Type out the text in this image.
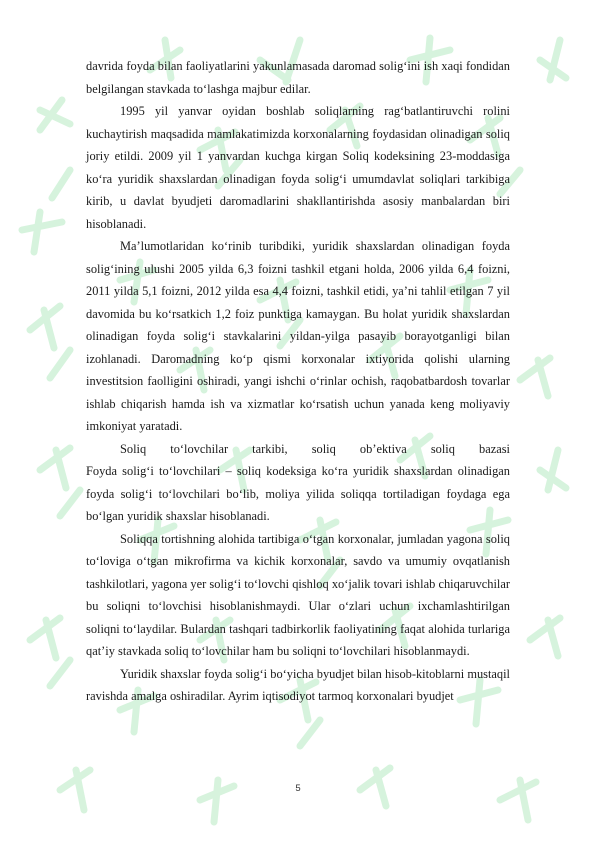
davrida foyda bilan faoliyatlarini yakunlamasada daromad solig‘ini ish xaqi fondidan belgilangan stavkada to‘lashga majbur edilar.

1995 yil yanvar oyidan boshlab soliqlarning rag‘batlantiruvchi rolini kuchaytirish maqsadida mamlakatimizda korxonalarning foydasidan olinadigan soliq joriy etildi. 2009 yil 1 yanvardan kuchga kirgan Soliq kodeksining 23-moddasiga ko‘ra yuridik shaxslardan olinadigan foyda solig‘i umumdavlat soliqlari tarkibiga kirib, u davlat byudjeti daromadlarini shakllantirishda asosiy manbalardan biri hisoblanadi.

Ma’lumotlaridan ko‘rinib turibdiki, yuridik shaxslardan olinadigan foyda solig‘ining ulushi 2005 yilda 6,3 foizni tashkil etgani holda, 2006 yilda 6,4 foizni, 2011 yilda 5,1 foizni, 2012 yilda esa 4,4 foizni, tashkil etidi, ya’ni tahlil etilgan 7 yil davomida bu ko‘rsatkich 1,2 foiz punktiga kamaygan. Bu holat yuridik shaxslardan olinadigan foyda solig‘i stavkalarini yildan-yilga pasayib borayotganligi bilan izohlanadi. Daromadning ko‘p qismi korxonalar ixtiyorida qolishi ularning investitsion faolligini oshiradi, yangi ishchi o‘rinlar ochish, raqobatbardosh tovarlar ishlab chiqarish hamda ish va xizmatlar ko‘rsatish uchun yanada keng moliyaviy imkoniyat yaratadi.

Soliq to‘lovchilar tarkibi, soliq ob’ektiva soliq bazasi

Foyda solig‘i to‘lovchilari – soliq kodeksiga ko‘ra yuridik shaxslardan olinadigan foyda solig‘i to‘lovchilari bo‘lib, moliya yilida soliqqa tortiladigan foydaga ega bo‘lgan yuridik shaxslar hisoblanadi.

Soliqqa tortishning alohida tartibiga o‘tgan korxonalar, jumladan yagona soliq to‘loviga o‘tgan mikrofirma va kichik korxonalar, savdo va umumiy ovqatlanish tashkilotlari, yagona yer solig‘i to‘lovchi qishloq xo‘jalik tovari ishlab chiqaruvchilar bu soliqni to‘lovchisi hisoblanishmaydi. Ular o‘zlari uchun ixchamlashtirilgan soliqni to‘laydilar. Bulardan tashqari tadbirkorlik faoliyatining faqat alohida turlariga qat’iy stavkada soliq to‘lovchilar ham bu soliqni to‘lovchilari hisoblanmaydi.

Yuridik shaxslar foyda solig‘i bo‘yicha byudjet bilan hisob-kitoblarni mustaqil ravishda amalga oshiradilar. Ayrim iqtisodiyot tarmoq korxonalari byudjet

5
